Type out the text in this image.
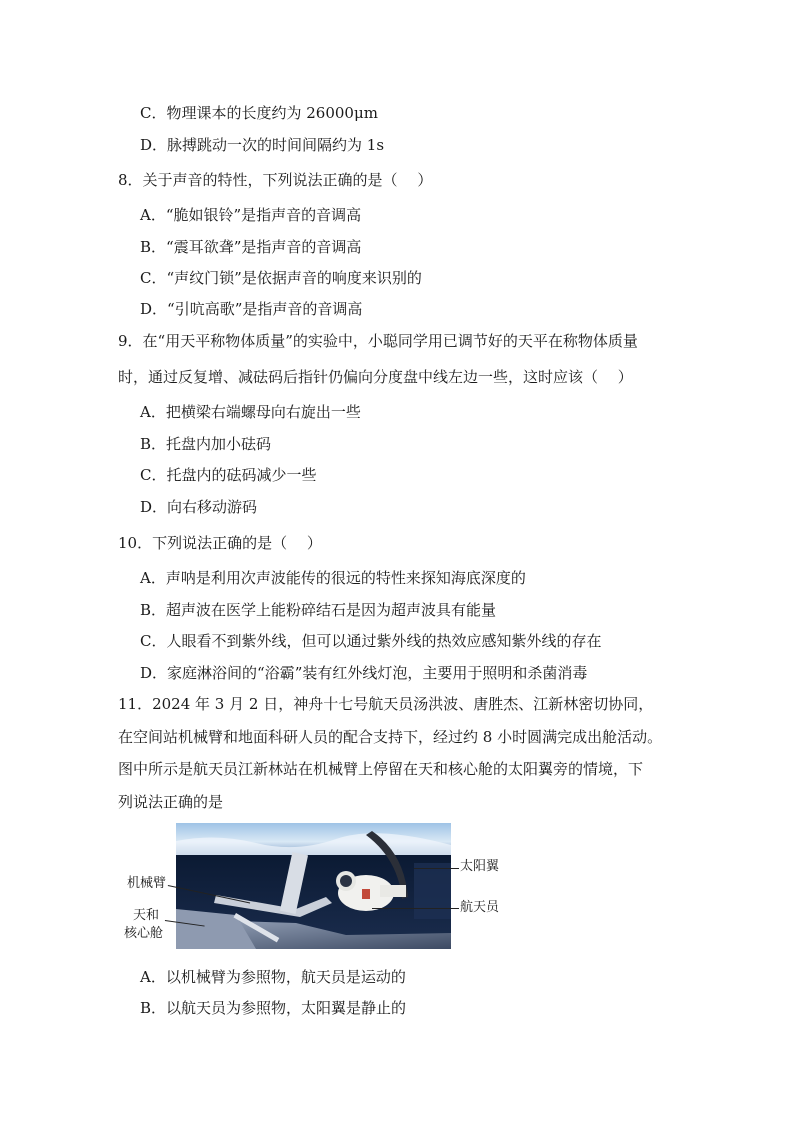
C．物理课本的长度约为 26000μm
D．脉搏跳动一次的时间间隔约为 1s
8．关于声音的特性，下列说法正确的是（　 ）
A．“脆如银铃”是指声音的音调高
B．“震耳欲聋”是指声音的音调高
C．“声纹门锁”是依据声音的响度来识别的
D．“引吭高歌”是指声音的音调高
9．在“用天平称物体质量”的实验中，小聪同学用已调节好的天平在称物体质量
时，通过反复增、减砝码后指针仍偏向分度盘中线左边一些，这时应该（　 ）
A．把横梁右端螺母向右旋出一些
B．托盘内加小砝码
C．托盘内的砝码减少一些
D．向右移动游码
10．下列说法正确的是（　 ）
A．声呐是利用次声波能传的很远的特性来探知海底深度的
B．超声波在医学上能粉碎结石是因为超声波具有能量
C．人眼看不到紫外线，但可以通过紫外线的热效应感知紫外线的存在
D．家庭淋浴间的“浴霸”装有红外线灯泡，主要用于照明和杀菌消毒
11．2024 年 3 月 2 日，神舟十七号航天员汤洪波、唐胜杰、江新林密切协同，
在空间站机械臂和地面科研人员的配合支持下，经过约 8 小时圆满完成出舱活动。
图中所示是航天员江新林站在机械臂上停留在天和核心舱的太阳翼旁的情境，下
列说法正确的是
机械臂
天和
核心舱
太阳翼
航天员
A．以机械臂为参照物，航天员是运动的
B．以航天员为参照物，太阳翼是静止的
